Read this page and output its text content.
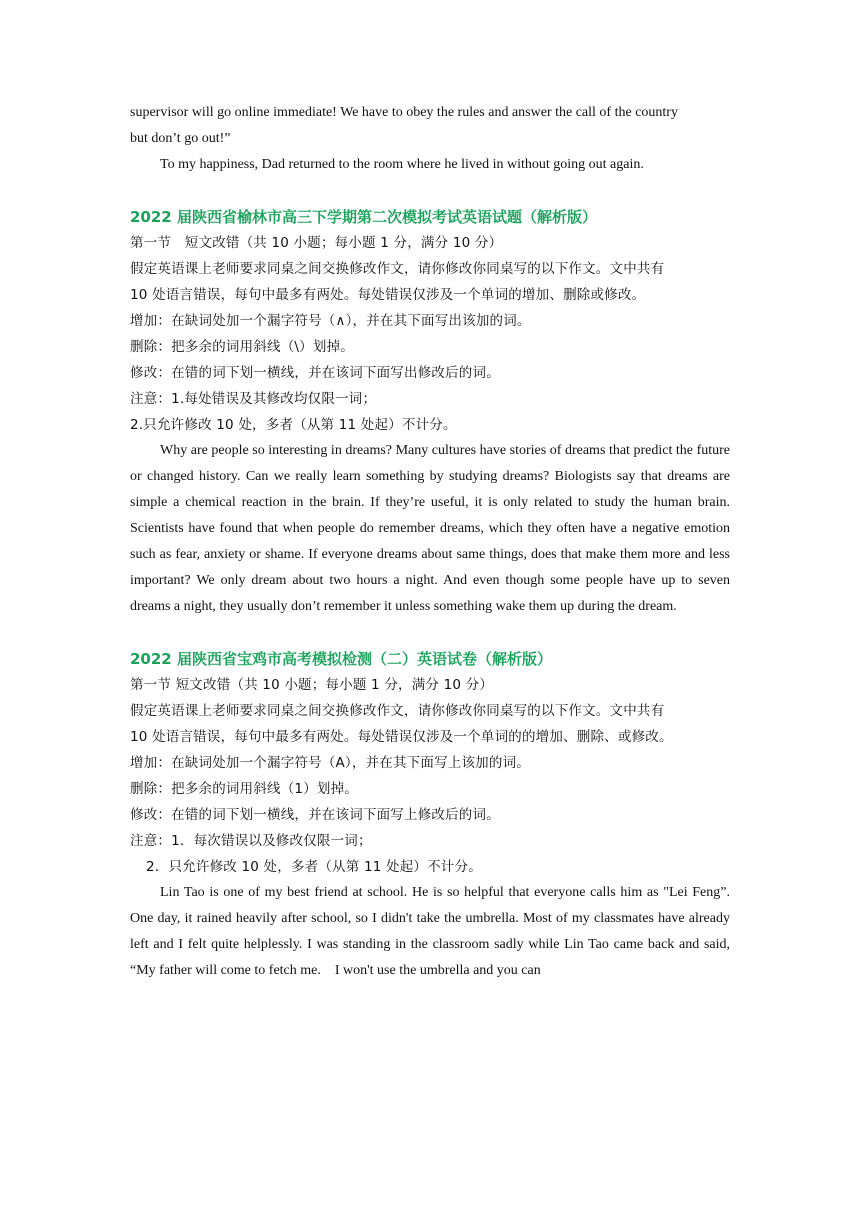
supervisor will go online immediate! We have to obey the rules and answer the call of the country

but don’t go out!”

To my happiness, Dad returned to the room where he lived in without going out again.

2022 届陕西省榆林市高三下学期第二次模拟考试英语试题（解析版）

第一节　短文改错（共 10 小题；每小题 1 分，满分 10 分）

假定英语课上老师要求同桌之间交换修改作文，请你修改你同桌写的以下作文。文中共有

10 处语言错误，每句中最多有两处。每处错误仅涉及一个单词的增加、删除或修改。

增加：在缺词处加一个漏字符号（∧），并在其下面写出该加的词。

删除：把多余的词用斜线（\）划掉。

修改：在错的词下划一横线，并在该词下面写出修改后的词。

注意：1.每处错误及其修改均仅限一词；

2.只允许修改 10 处，多者（从第 11 处起）不计分。

Why are people so interesting in dreams? Many cultures have stories of dreams that predict the future or changed history. Can we really learn something by studying dreams? Biologists say that dreams are simple a chemical reaction in the brain. If they’re useful, it is only related to study the human brain. Scientists have found that when people do remember dreams, which they often have a negative emotion such as fear, anxiety or shame. If everyone dreams about same things, does that make them more and less important? We only dream about two hours a night. And even though some people have up to seven dreams a night, they usually don’t remember it unless something wake them up during the dream.

2022 届陕西省宝鸡市高考模拟检测（二）英语试卷（解析版）

第一节 短文改错（共 10 小题；每小题 1 分，满分 10 分）

假定英语课上老师要求同桌之间交换修改作文，请你修改你同桌写的以下作文。文中共有

10 处语言错误，每句中最多有两处。每处错误仅涉及一个单词的的增加、删除、或修改。

增加：在缺词处加一个漏字符号（A），并在其下面写上该加的词。

删除：把多余的词用斜线（1）划掉。

修改：在错的词下划一横线，并在该词下面写上修改后的词。

注意：1．每次错误以及修改仅限一词；

2．只允许修改 10 处，多者（从第 11 处起）不计分。

Lin Tao is one of my best friend at school. He is so helpful that everyone calls him as "Lei Feng”. One day, it rained heavily after school, so I didn't take the umbrella. Most of my classmates have already left and I felt quite helplessly. I was standing in the classroom sadly while Lin Tao came back and said, “My father will come to fetch me.　I won't use the umbrella and you can
